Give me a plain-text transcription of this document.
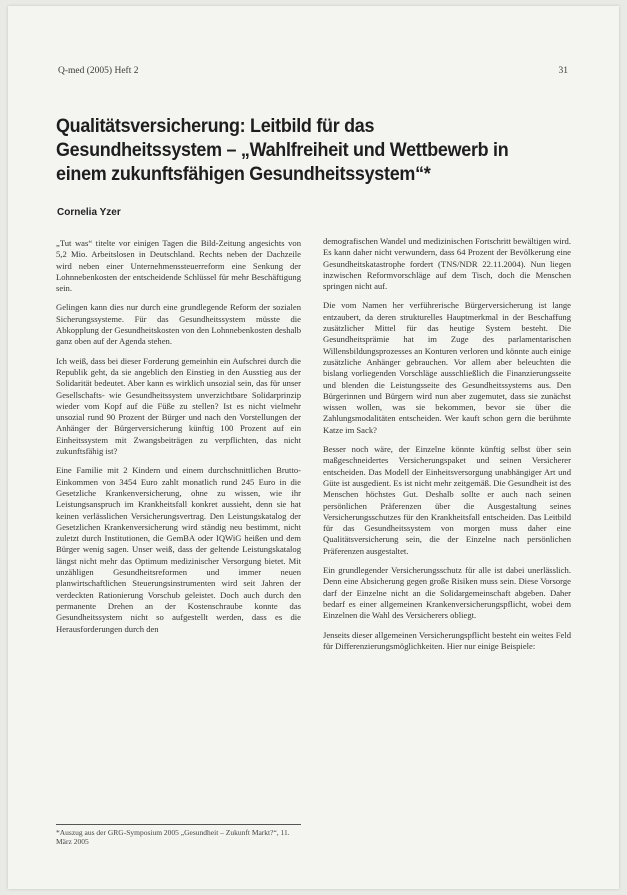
Q-med (2005) Heft 2	31
Qualitätsversicherung: Leitbild für das
Gesundheitssystem – „Wahlfreiheit und Wettbewerb in
einem zukunftsfähigen Gesundheitssystem“*
Cornelia Yzer

„Tut was“ titelte vor einigen Tagen die Bild-Zeitung angesichts von 5,2 Mio. Arbeitslosen in Deutschland. Rechts neben der Dachzeile wird neben einer Unternehmenssteuerreform eine Senkung der Lohnnebenkosten der entscheidende Schlüssel für mehr Beschäftigung sein.

Gelingen kann dies nur durch eine grundlegende Reform der sozialen Sicherungssysteme. Für das Gesundheitssystem müsste die Abkopplung der Gesundheitskosten von den Lohnnebenkosten deshalb ganz oben auf der Agenda stehen.

Ich weiß, dass bei dieser Forderung gemeinhin ein Aufschrei durch die Republik geht, da sie angeblich den Einstieg in den Ausstieg aus der Solidarität bedeutet. Aber kann es wirklich unsozial sein, das für unser Gesellschafts- wie Gesundheitssystem unverzichtbare Solidarprinzip wieder vom Kopf auf die Füße zu stellen? Ist es nicht vielmehr unsozial rund 90 Prozent der Bürger und nach den Vorstellungen der Anhänger der Bürgerversicherung künftig 100 Prozent auf ein Einheitssystem mit Zwangsbeiträgen zu verpflichten, das nicht zukunftsfähig ist?

Eine Familie mit 2 Kindern und einem durchschnittlichen Brutto-Einkommen von 3454 Euro zahlt monatlich rund 245 Euro in die Gesetzliche Krankenversicherung, ohne zu wissen, wie ihr Leistungsanspruch im Krankheitsfall konkret aussieht, denn sie hat keinen verlässlichen Versicherungsvertrag. Den Leistungskatalog der Gesetzlichen Krankenversicherung wird ständig neu bestimmt, nicht zuletzt durch Institutionen, die GemBA oder IQWiG heißen und dem Bürger wenig sagen. Unser weiß, dass der geltende Leistungskatalog längst nicht mehr das Optimum medizinischer Versorgung bietet. Mit unzähligen Gesundheitsreformen und immer neuen planwirtschaftlichen Steuerungsinstrumenten wird seit Jahren der verdeckten Rationierung Vorschub geleistet. Doch auch durch den permanente Drehen an der Kostenschraube konnte das Gesundheitssystem nicht so aufgestellt werden, dass es die Herausforderungen durch den

*Auszug aus der GRG-Symposium 2005 „Gesundheit – Zukunft Markt?“, 11. März 2005

demografischen Wandel und medizinischen Fortschritt bewältigen wird. Es kann daher nicht verwundern, dass 64 Prozent der Bevölkerung eine Gesundheitskatastrophe fordert (TNS/NDR 22.11.2004). Nun liegen inzwischen Reformvorschläge auf dem Tisch, doch die Menschen springen nicht auf.

Die vom Namen her verführerische Bürgerversicherung ist lange entzaubert, da deren strukturelles Hauptmerkmal in der Beschaffung zusätzlicher Mittel für das heutige System besteht. Die Gesundheitsprämie hat im Zuge des parlamentarischen Willensbildungsprozesses an Konturen verloren und könnte auch einige zusätzliche Anhänger gebrauchen. Vor allem aber beleuchten die bislang vorliegenden Vorschläge ausschließlich die Finanzierungsseite und blenden die Leistungsseite des Gesundheitssystems aus. Den Bürgerinnen und Bürgern wird nun aber zugemutet, dass sie zunächst wissen wollen, was sie bekommen, bevor sie über die Zahlungsmodalitäten entscheiden. Wer kauft schon gern die berühmte Katze im Sack?

Besser noch wäre, der Einzelne könnte künftig selbst über sein maßgeschneidertes Versicherungspaket und seinen Versicherer entscheiden. Das Modell der Einheitsversorgung unabhängiger Art und Güte ist ausgedient. Es ist nicht mehr zeitgemäß. Die Gesundheit ist des Menschen höchstes Gut. Deshalb sollte er auch nach seinen persönlichen Präferenzen über die Ausgestaltung seines Versicherungsschutzes für den Krankheitsfall entscheiden. Das Leitbild für das Gesundheitssystem von morgen muss daher eine Qualitätsversicherung sein, die der Einzelne nach persönlichen Präferenzen ausgestaltet.

Ein grundlegender Versicherungsschutz für alle ist dabei unerlässlich. Denn eine Absicherung gegen große Risiken muss sein. Diese Vorsorge darf der Einzelne nicht an die Solidargemeinschaft abgeben. Daher bedarf es einer allgemeinen Krankenversicherungspflicht, wobei dem Einzelnen die Wahl des Versicherers obliegt.

Jenseits dieser allgemeinen Versicherungspflicht besteht ein weites Feld für Differenzierungsmöglichkeiten. Hier nur einige Beispiele:
